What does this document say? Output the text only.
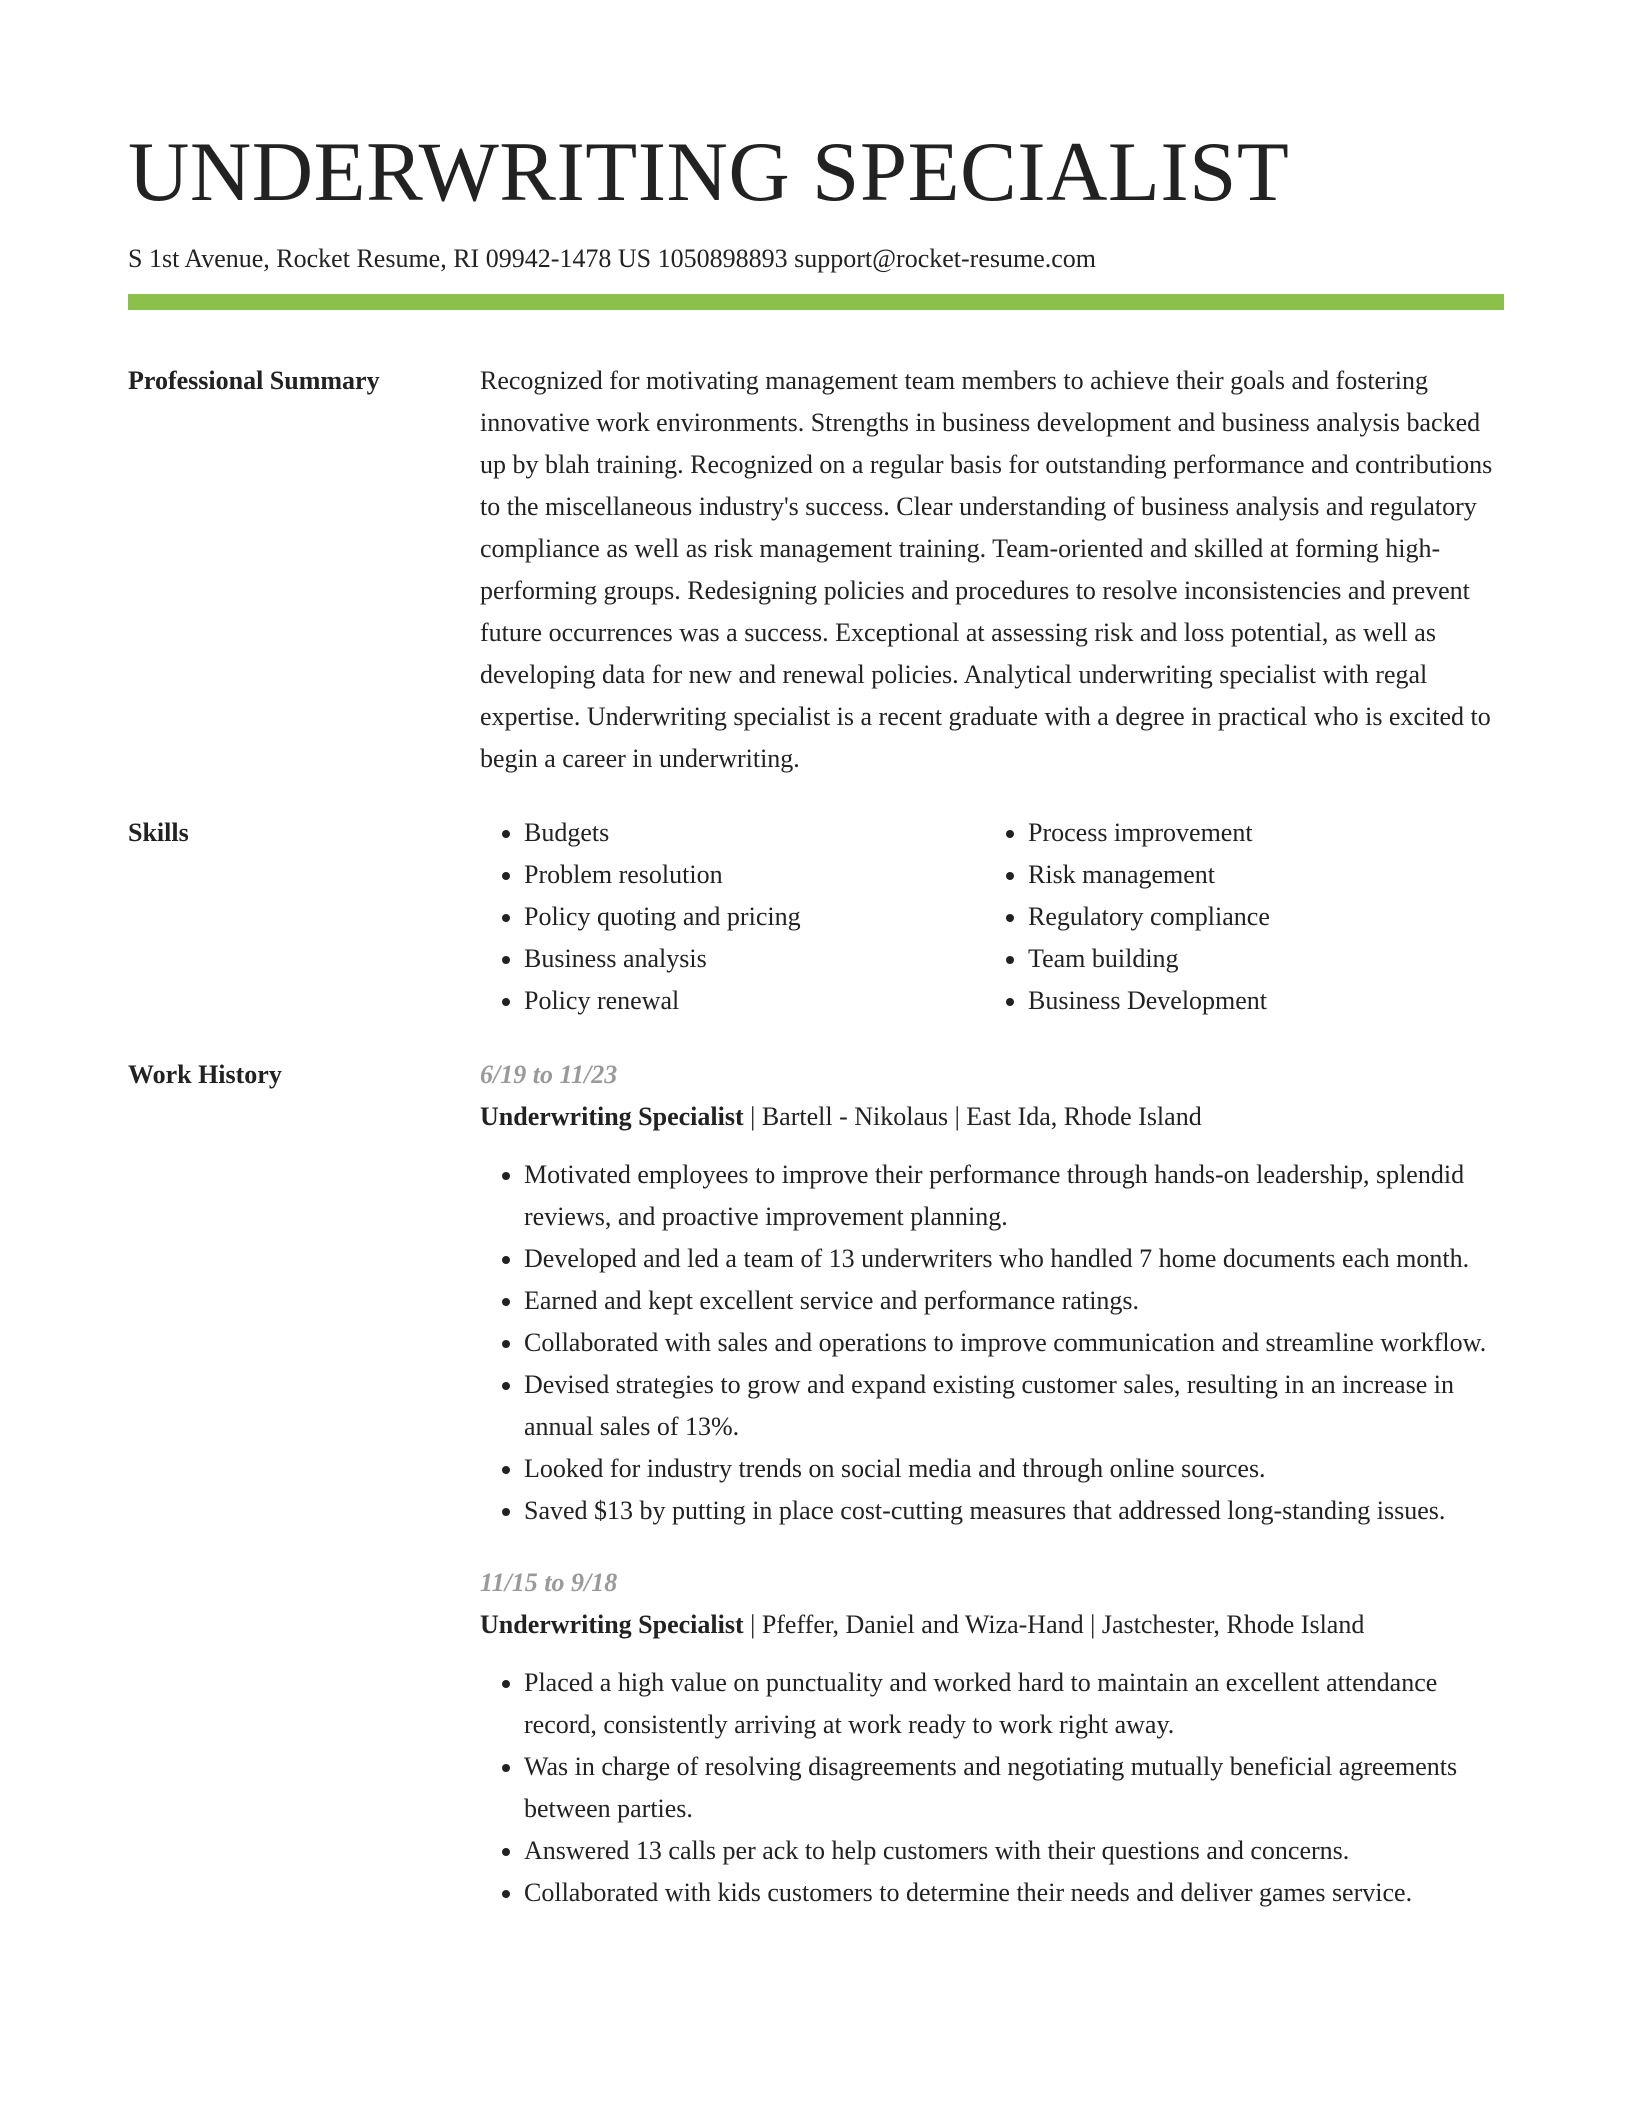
UNDERWRITING SPECIALIST
S 1st Avenue, Rocket Resume, RI 09942-1478 US 1050898893 support@rocket-resume.com
Professional Summary	Recognized for motivating management team members to achieve their goals and fostering innovative work environments. Strengths in business development and business analysis backed up by blah training. Recognized on a regular basis for outstanding performance and contributions to the miscellaneous industry's success. Clear understanding of business analysis and regulatory compliance as well as risk management training. Team-oriented and skilled at forming high-performing groups. Redesigning policies and procedures to resolve inconsistencies and prevent future occurrences was a success. Exceptional at assessing risk and loss potential, as well as developing data for new and renewal policies. Analytical underwriting specialist with regal expertise. Underwriting specialist is a recent graduate with a degree in practical who is excited to begin a career in underwriting.

Skills
•	Budgets
• Problem resolution
• Policy quoting and pricing
• Business analysis
• Policy renewal
• Process improvement
• Risk management
• Regulatory compliance
• Team building
• Business Development
Work History	6/19 to 11/23
Underwriting Specialist | Bartell - Nikolaus | East Ida, Rhode Island
• Motivated employees to improve their performance through hands-on leadership, splendid reviews, and proactive improvement planning.
• Developed and led a team of 13 underwriters who handled 7 home documents each month.
• Earned and kept excellent service and performance ratings.
• Collaborated with sales and operations to improve communication and streamline workflow.
• Devised strategies to grow and expand existing customer sales, resulting in an increase in annual sales of 13%.
• Looked for industry trends on social media and through online sources.
• Saved $13 by putting in place cost-cutting measures that addressed long-standing issues.
11/15 to 9/18
Underwriting Specialist | Pfeffer, Daniel and Wiza-Hand | Jastchester, Rhode Island
• Placed a high value on punctuality and worked hard to maintain an excellent attendance record, consistently arriving at work ready to work right away.
• Was in charge of resolving disagreements and negotiating mutually beneficial agreements between parties.
• Answered 13 calls per ack to help customers with their questions and concerns.
• Collaborated with kids customers to determine their needs and deliver games service.
